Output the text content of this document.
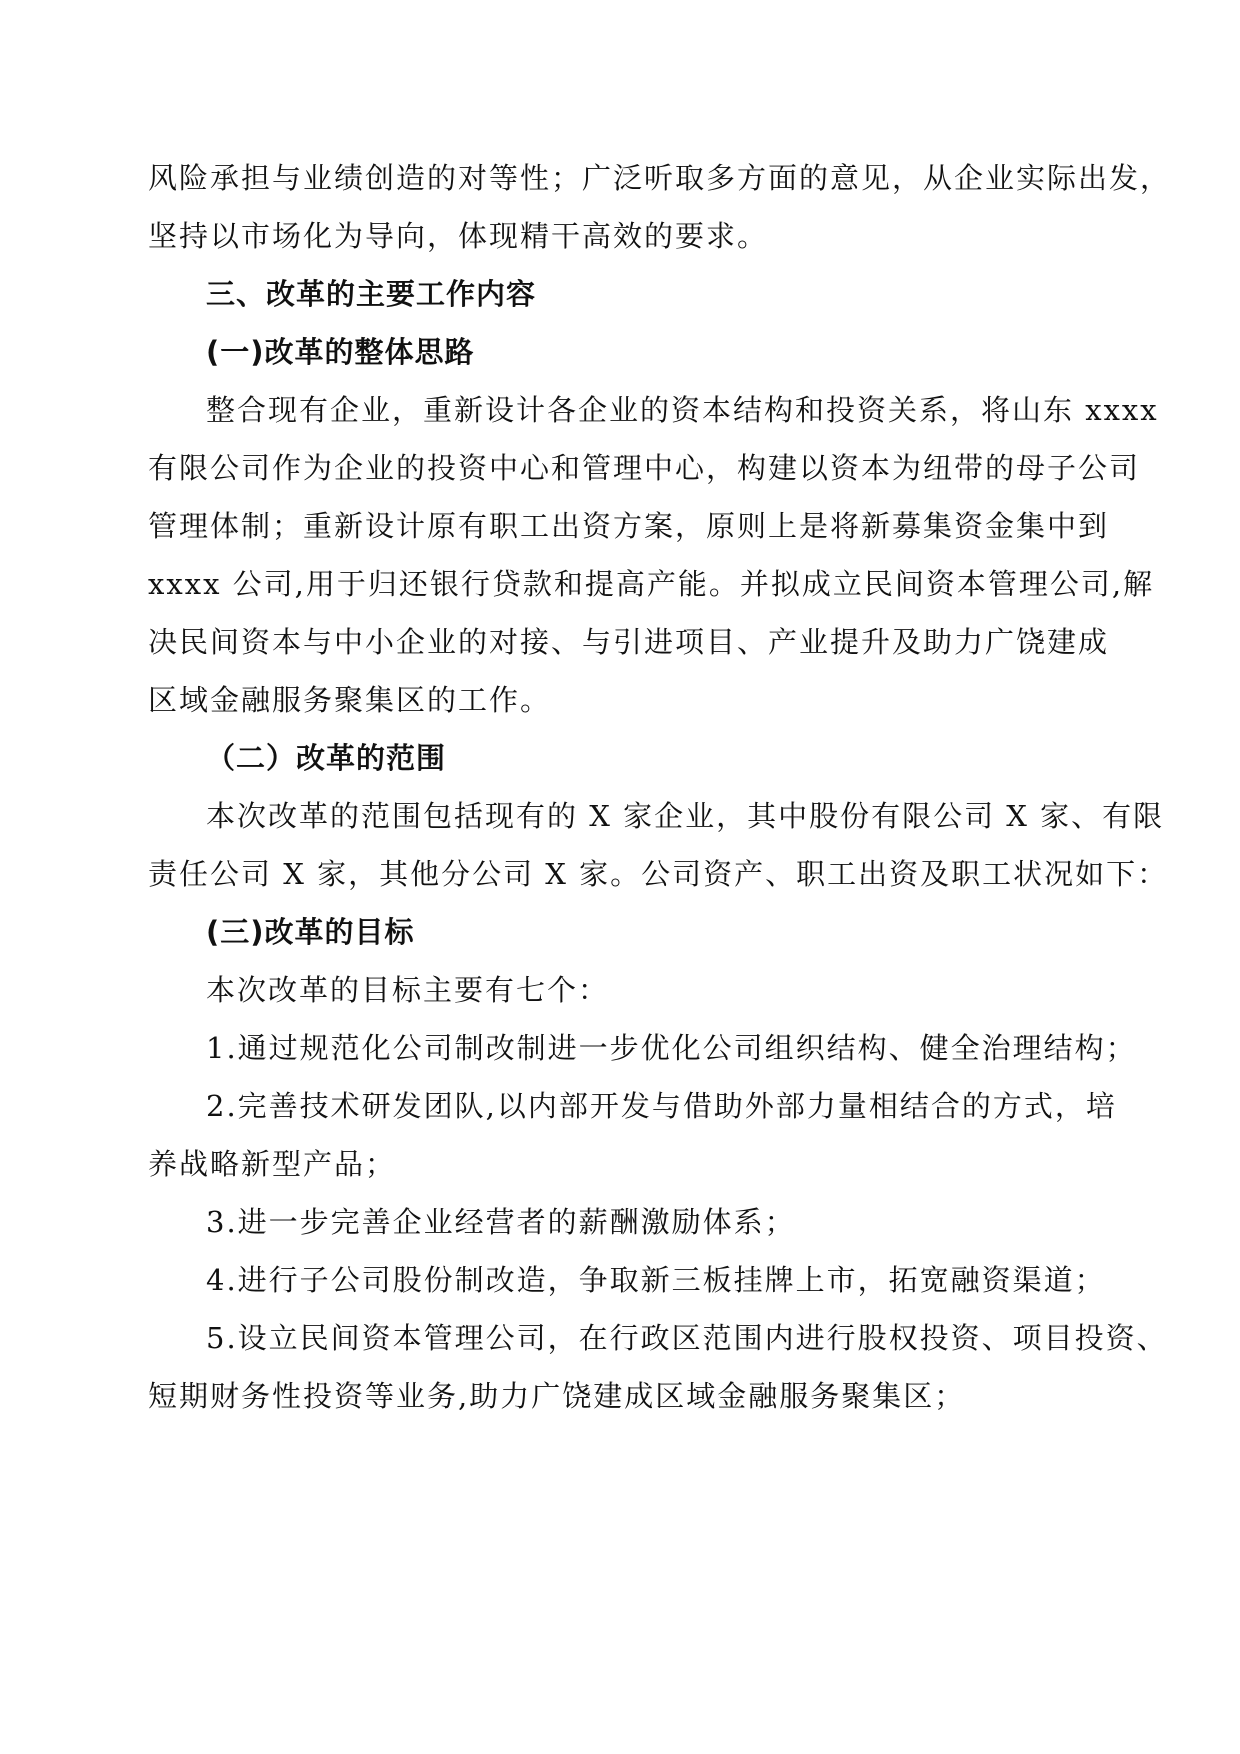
风险承担与业绩创造的对等性；广泛听取多方面的意见，从企业实际出发，
坚持以市场化为导向，体现精干高效的要求。
三、改革的主要工作内容
(一)改革的整体思路
整合现有企业，重新设计各企业的资本结构和投资关系，将山东 xxxx
有限公司作为企业的投资中心和管理中心，构建以资本为纽带的母子公司
管理体制；重新设计原有职工出资方案，原则上是将新募集资金集中到
xxxx 公司,用于归还银行贷款和提高产能。并拟成立民间资本管理公司,解
决民间资本与中小企业的对接、与引进项目、产业提升及助力广饶建成
区域金融服务聚集区的工作。
（二）改革的范围
本次改革的范围包括现有的 X 家企业，其中股份有限公司 X 家、有限
责任公司 X 家，其他分公司 X 家。公司资产、职工出资及职工状况如下：
(三)改革的目标
本次改革的目标主要有七个：
1.通过规范化公司制改制进一步优化公司组织结构、健全治理结构；
2.完善技术研发团队,以内部开发与借助外部力量相结合的方式，培
养战略新型产品；
3.进一步完善企业经营者的薪酬激励体系；
4.进行子公司股份制改造，争取新三板挂牌上市，拓宽融资渠道；
5.设立民间资本管理公司，在行政区范围内进行股权投资、项目投资、
短期财务性投资等业务,助力广饶建成区域金融服务聚集区；
